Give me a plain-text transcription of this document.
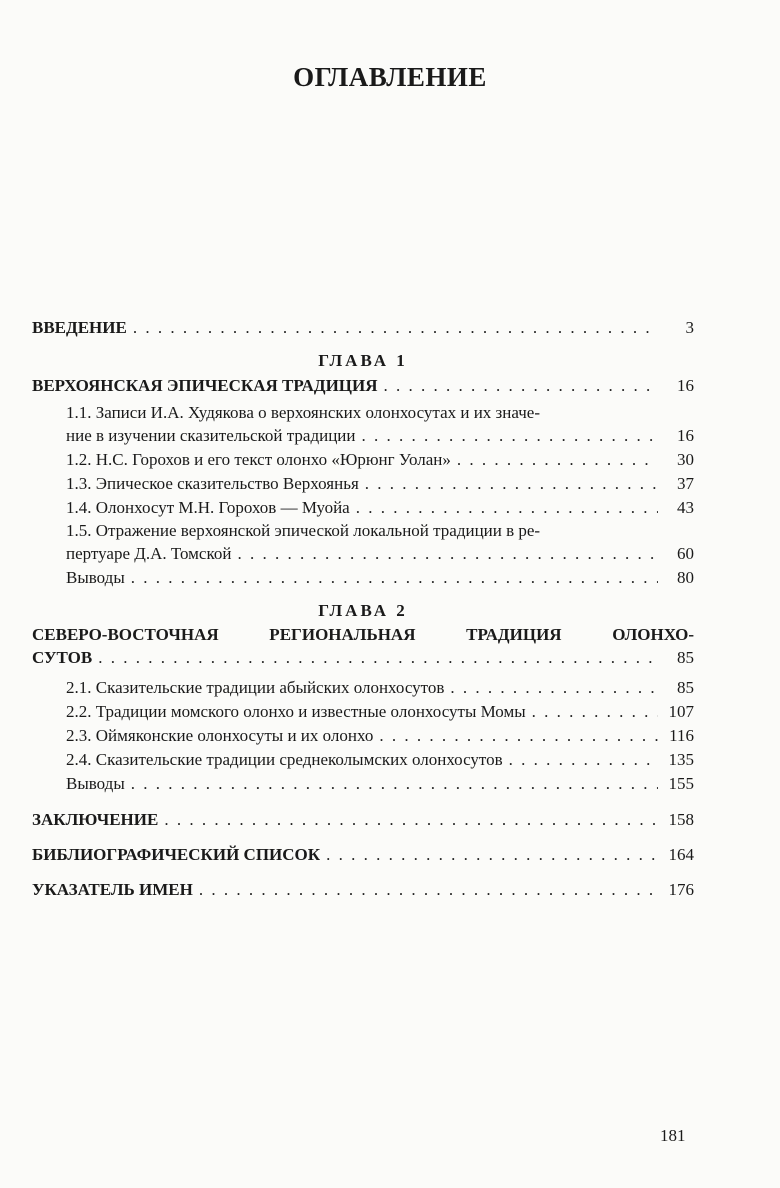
ОГЛАВЛЕНИЕ
ВВЕДЕНИЕ . . .	3
ГЛАВА 1
ВЕРХОЯНСКАЯ ЭПИЧЕСКАЯ ТРАДИЦИЯ . . .	16
1.1. Записи И.А. Худякова о верхоянских олонхосутах и их значе-
ние в изучении сказительской традиции . . .	16
1.2. Н.С. Горохов и его текст олонхо «Юрюнг Уолан» . . .	30
1.3. Эпическое сказительство Верхоянья . . .	37
1.4. Олонхосут М.Н. Горохов — Муойа . . .	43
1.5. Отражение верхоянской эпической локальной традиции в ре-
пертуаре Д.А. Томской . . .	60
Выводы . . .	80
ГЛАВА 2
СЕВЕРО-ВОСТОЧНАЯ РЕГИОНАЛЬНАЯ ТРАДИЦИЯ ОЛОНХО-
СУТОВ . . .	85
2.1. Сказительские традиции абыйских олонхосутов . . .	85
2.2. Традиции момского олонхо и известные олонхосуты Момы . . .	107
2.3. Оймяконские олонхосуты и их олонхо . . .	116
2.4. Сказительские традиции среднеколымских олонхосутов . . .	135
Выводы . . .	155
ЗАКЛЮЧЕНИЕ . . .	158
БИБЛИОГРАФИЧЕСКИЙ СПИСОК . . .	164
УКАЗАТЕЛЬ ИМЕН . . .	176
181
